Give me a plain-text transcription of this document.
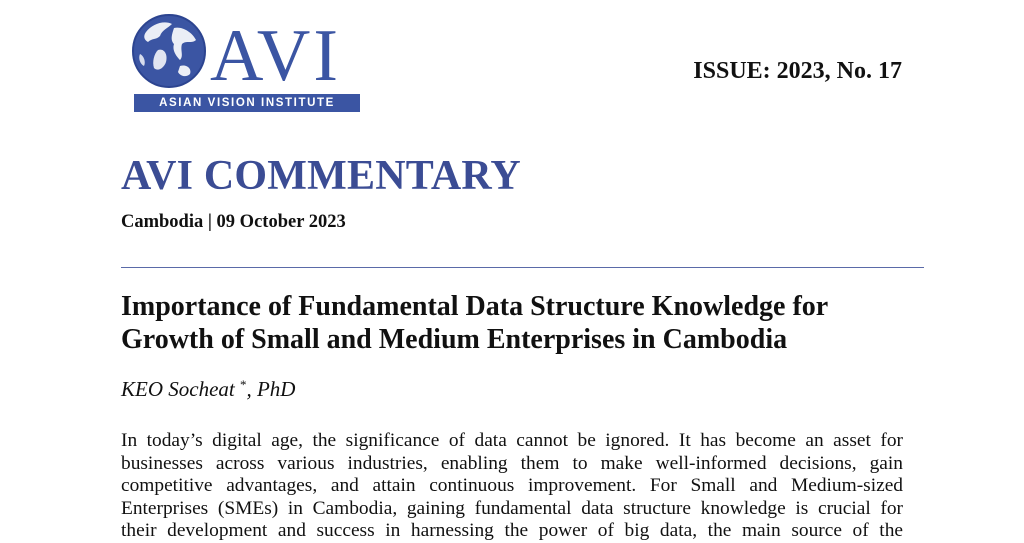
AVI
ASIAN VISION INSTITUTE
ISSUE: 2023, No. 17
AVI COMMENTARY
Cambodia | 09 October 2023
Importance of Fundamental Data Structure Knowledge for
Growth of Small and Medium Enterprises in Cambodia
KEO Socheat *, PhD
In today’s digital age, the significance of data cannot be ignored. It has become an asset for
businesses across various industries, enabling them to make well-informed decisions, gain
competitive advantages, and attain continuous improvement. For Small and Medium-sized
Enterprises (SMEs) in Cambodia, gaining fundamental data structure knowledge is crucial for
their development and success in harnessing the power of big data, the main source of the
